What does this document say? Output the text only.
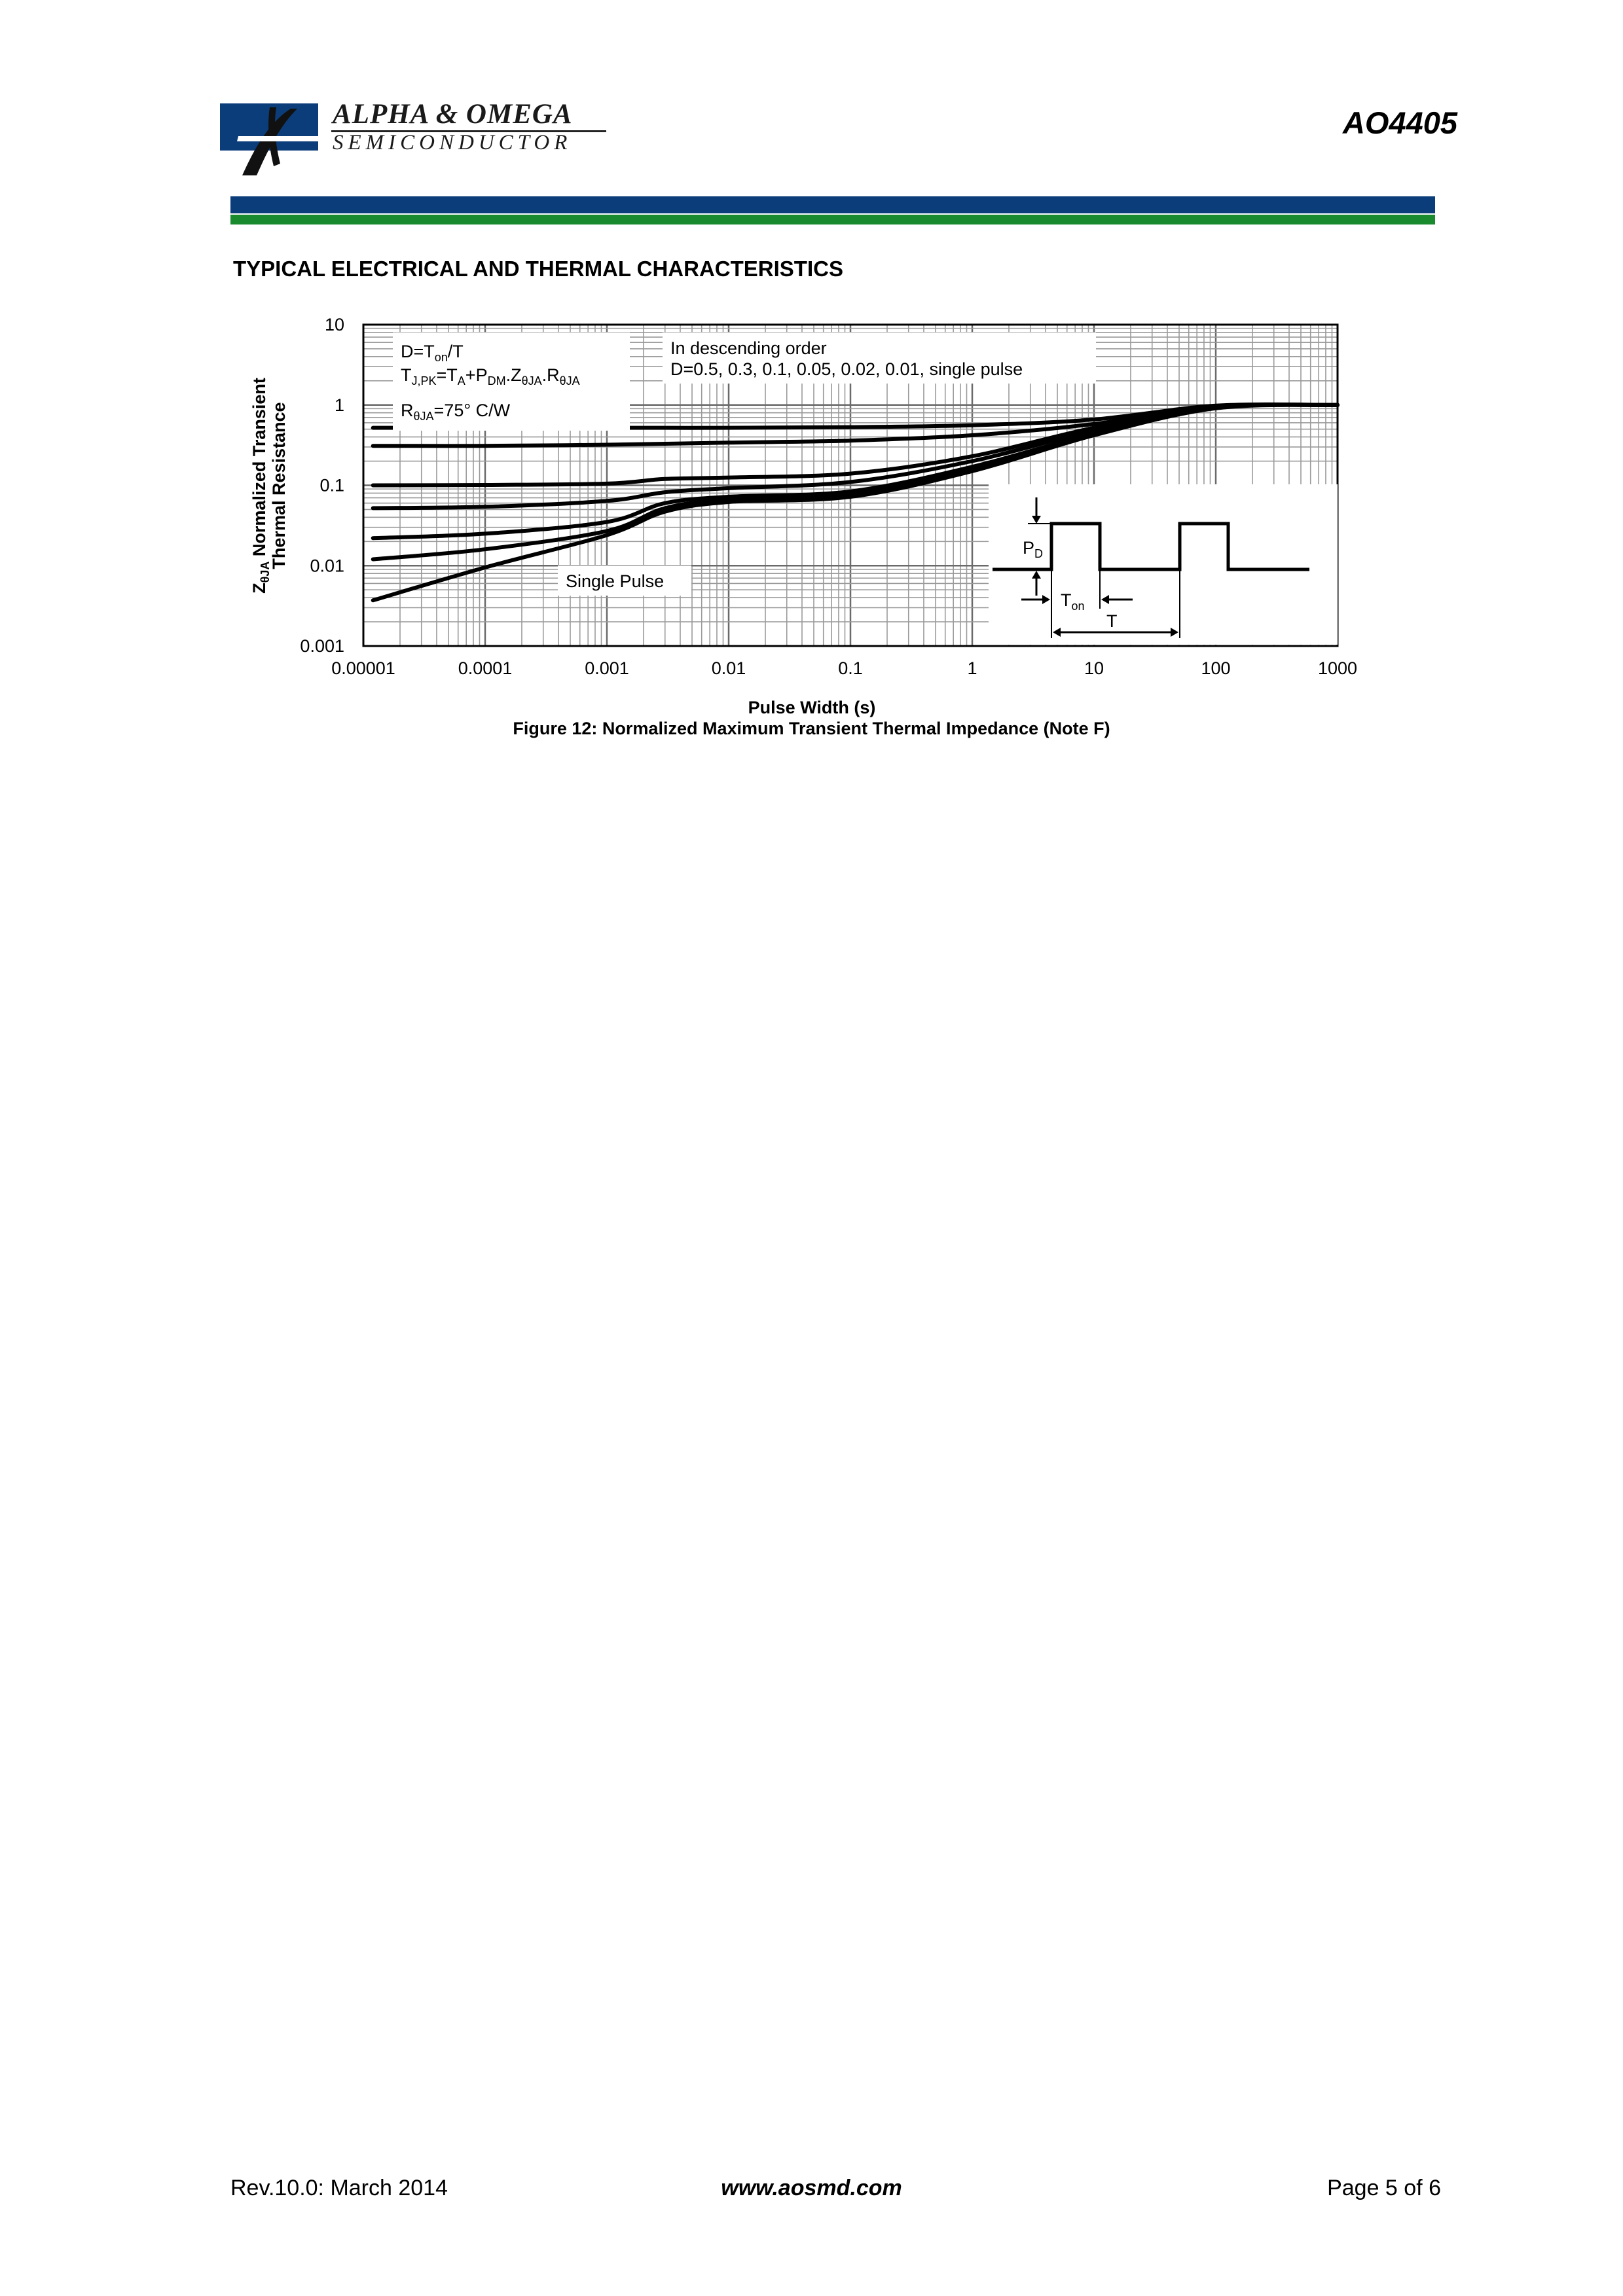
ALPHA & OMEGA
SEMICONDUCTOR
AO4405
TYPICAL ELECTRICAL AND THERMAL CHARACTERISTICS
$D=T_{on}/T$
$T_{J,PK}=T_A+P_{DM}.Z_{\theta JA}.R_{\theta JA}$
$R_{\theta JA}=75^\circ$ C/W
In descending order
D=0.5, 0.3, 0.1, 0.05, 0.02, 0.01, single pulse
Single Pulse
$P_D$
$T_{on}$
T
0.00001	0.0001	0.001	0.01	0.1	1	10	100	1000
10
1
0.1
0.01
0.001
Pulse Width (s)
$Z_{\theta JA}$ Normalized Transient Thermal Resistance
Figure 12: Normalized Maximum Transient Thermal Impedance (Note F)
Rev.10.0: March 2014	www.aosmd.com	Page 5 of 6
